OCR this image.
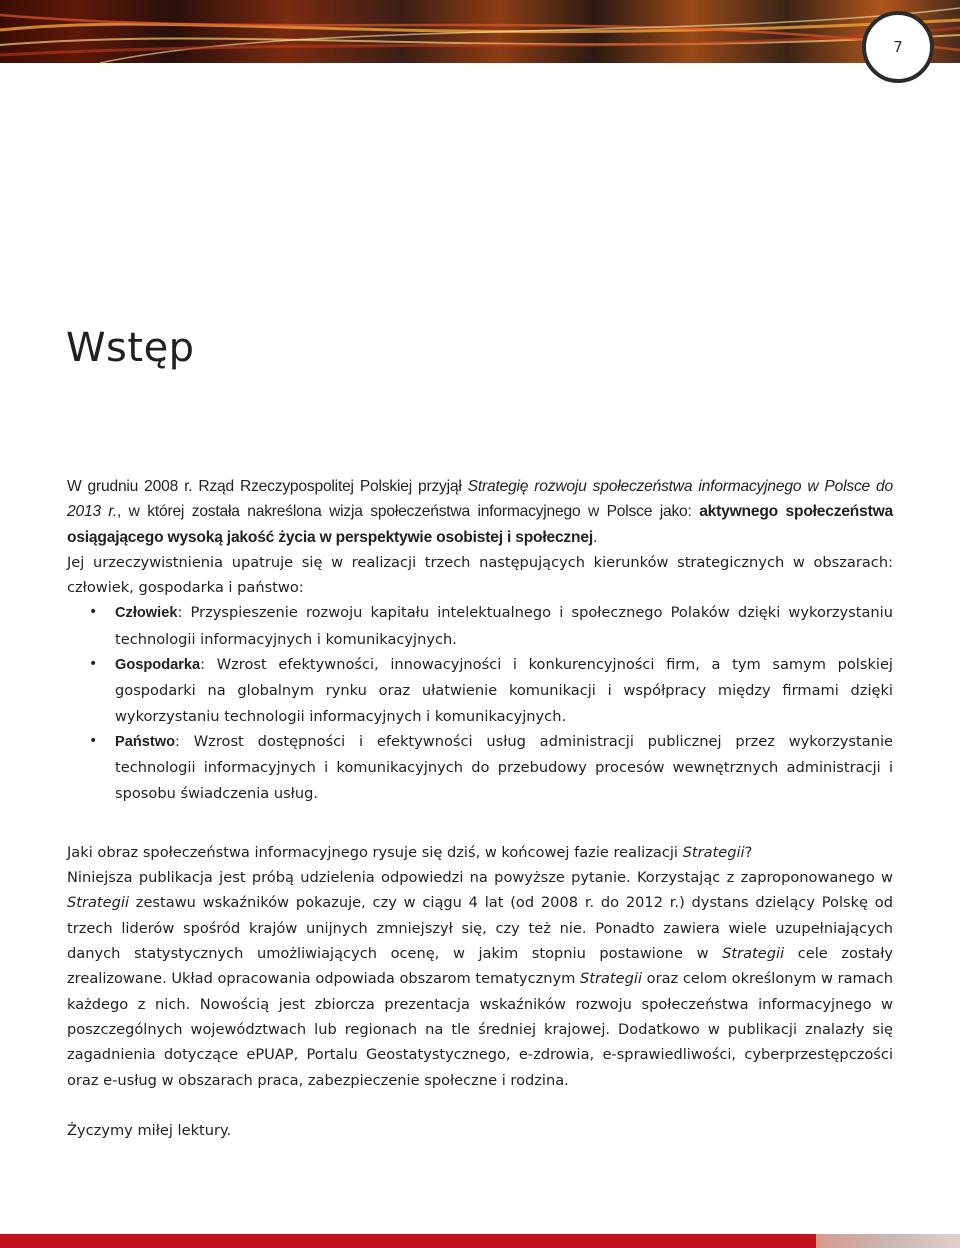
7
Wstęp

W grudniu 2008 r. Rząd Rzeczypospolitej Polskiej przyjął Strategię rozwoju społeczeństwa informacyjnego w Polsce do 2013 r., w której została nakreślona wizja społeczeństwa informacyjnego w Polsce jako: aktywnego społeczeństwa osiągającego wysoką jakość życia w perspektywie osobistej i społecznej.

Jej urzeczywistnienia upatruje się w realizacji trzech następujących kierunków strategicznych w obszarach: człowiek, gospodarka i państwo:

• Człowiek: Przyspieszenie rozwoju kapitału intelektualnego i społecznego Polaków dzięki wykorzystaniu technologii informacyjnych i komunikacyjnych.
• Gospodarka: Wzrost efektywności, innowacyjności i konkurencyjności firm, a tym samym polskiej gospodarki na globalnym rynku oraz ułatwienie komunikacji i współpracy między firmami dzięki wykorzystaniu technologii informacyjnych i komunikacyjnych.
• Państwo: Wzrost dostępności i efektywności usług administracji publicznej przez wykorzystanie technologii informacyjnych i komunikacyjnych do przebudowy procesów wewnętrznych administracji i sposobu świadczenia usług.

Jaki obraz społeczeństwa informacyjnego rysuje się dziś, w końcowej fazie realizacji Strategii?

Niniejsza publikacja jest próbą udzielenia odpowiedzi na powyższe pytanie. Korzystając z zaproponowanego w Strategii zestawu wskaźników pokazuje, czy w ciągu 4 lat (od 2008 r. do 2012 r.) dystans dzielący Polskę od trzech liderów spośród krajów unijnych zmniejszył się, czy też nie. Ponadto zawiera wiele uzupełniających danych statystycznych umożliwiających ocenę, w jakim stopniu postawione w Strategii cele zostały zrealizowane. Układ opracowania odpowiada obszarom tematycznym Strategii oraz celom określonym w ramach każdego z nich. Nowością jest zbiorcza prezentacja wskaźników rozwoju społeczeństwa informacyjnego w poszczególnych województwach lub regionach na tle średniej krajowej. Dodatkowo w publikacji znalazły się zagadnienia dotyczące ePUAP, Portalu Geostatystycznego, e-zdrowia, e-sprawiedliwości, cyberprzestępczości oraz e-usług w obszarach praca, zabezpieczenie społeczne i rodzina.

Życzymy miłej lektury.
